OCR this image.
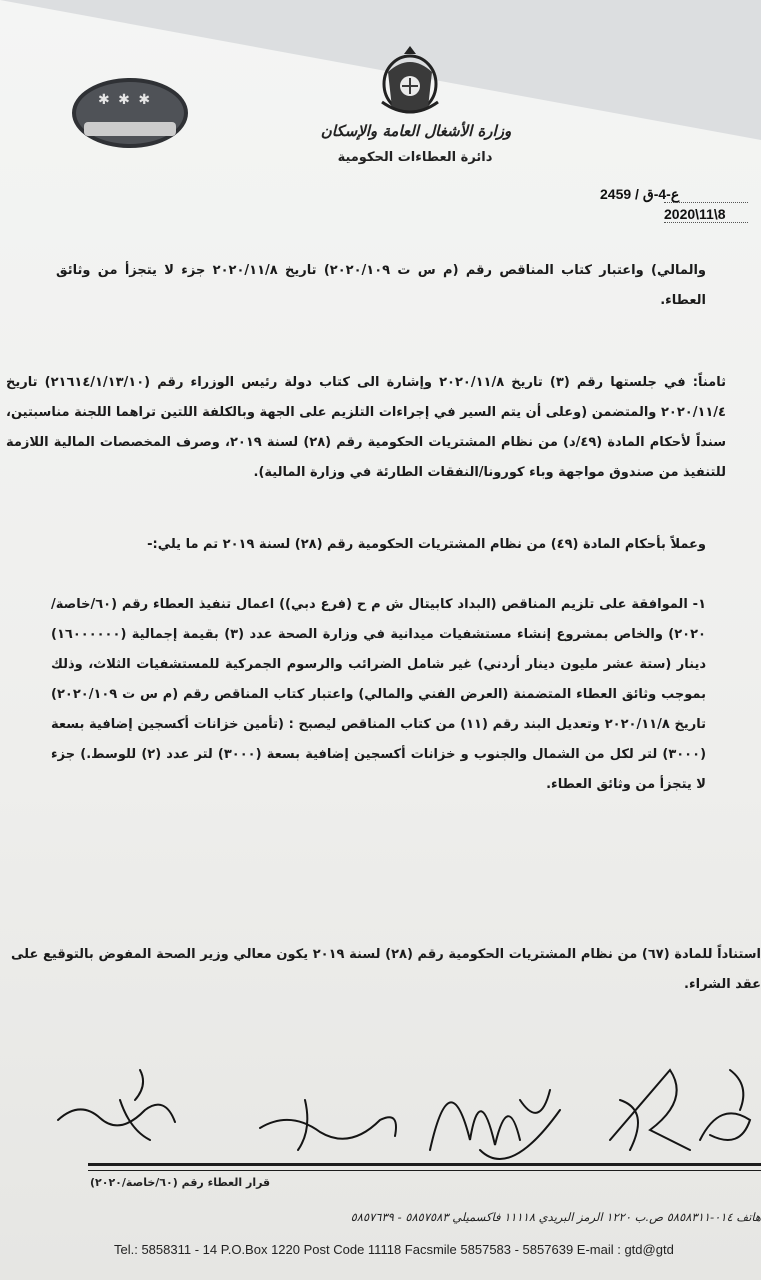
✱ ✱ ✱
وزارة الأشغال العامة والإسكان
دائرة العطاءات الحكومية
2459 / ع-4-ق
2020\11\8
والمالي) واعتبار كتاب المناقص رقم (م س ت ٢٠٢٠/١٠٩) تاريخ ٢٠٢٠/١١/٨ جزء لا يتجزأ من وثائق العطاء.
ثامناً: في جلستها رقم (٣) تاريخ ٢٠٢٠/١١/٨ وإشارة الى كتاب دولة رئيس الوزراء رقم (٢١٦١٤/١/١٣/١٠) تاريخ ٢٠٢٠/١١/٤ والمتضمن (وعلى أن يتم السير في إجراءات التلزيم على الجهة وبالكلفة اللتين تراهما اللجنة مناسبتين، سنداً لأحكام المادة (٤٩/د) من نظام المشتريات الحكومية رقم (٢٨) لسنة ٢٠١٩، وصرف المخصصات المالية اللازمة للتنفيذ من صندوق مواجهة وباء كورونا/النفقات الطارئة في وزارة المالية).
وعملاً بأحكام المادة (٤٩) من نظام المشتريات الحكومية رقم (٢٨) لسنة ٢٠١٩ تم ما يلي:-
١- الموافقة على تلزيم المناقص (البداد كابيتال ش م ح (فرع دبي)) اعمال تنفيذ العطاء رقم (٦٠/خاصة/٢٠٢٠) والخاص بمشروع إنشاء مستشفيات ميدانية في وزارة الصحة عدد (٣) بقيمة إجمالية (١٦٠٠٠٠٠٠) دينار (ستة عشر مليون دينار أردني) غير شامل الضرائب والرسوم الجمركية للمستشفيات الثلاث، وذلك بموجب وثائق العطاء المتضمنة (العرض الفني والمالي) واعتبار كتاب المناقص رقم (م س ت ٢٠٢٠/١٠٩) تاريخ ٢٠٢٠/١١/٨ وتعديل البند رقم (١١) من كتاب المناقص ليصبح : (تأمين خزانات أكسجين إضافية بسعة (٣٠٠٠) لتر لكل من الشمال والجنوب و خزانات أكسجين إضافية بسعة (٣٠٠٠) لتر عدد (٢) للوسط.) جزء لا يتجزأ من وثائق العطاء.
استناداً للمادة (٦٧) من نظام المشتريات الحكومية رقم (٢٨) لسنة ٢٠١٩ يكون معالي وزير الصحة المفوض بالتوقيع على عقد الشراء.
قرار العطاء رقم (٦٠/خاصة/٢٠٢٠)
هاتف ٠١٤-٥٨٥٨٣١١ ص.ب ١٢٢٠ الرمز البريدي ١١١١٨ فاكسميلي ٥٨٥٧٥٨٣ - ٥٨٥٧٦٣٩
Tel.: 5858311 - 14 P.O.Box 1220 Post Code 11118 Facsmile 5857583 - 5857639 E-mail : gtd@gtd
